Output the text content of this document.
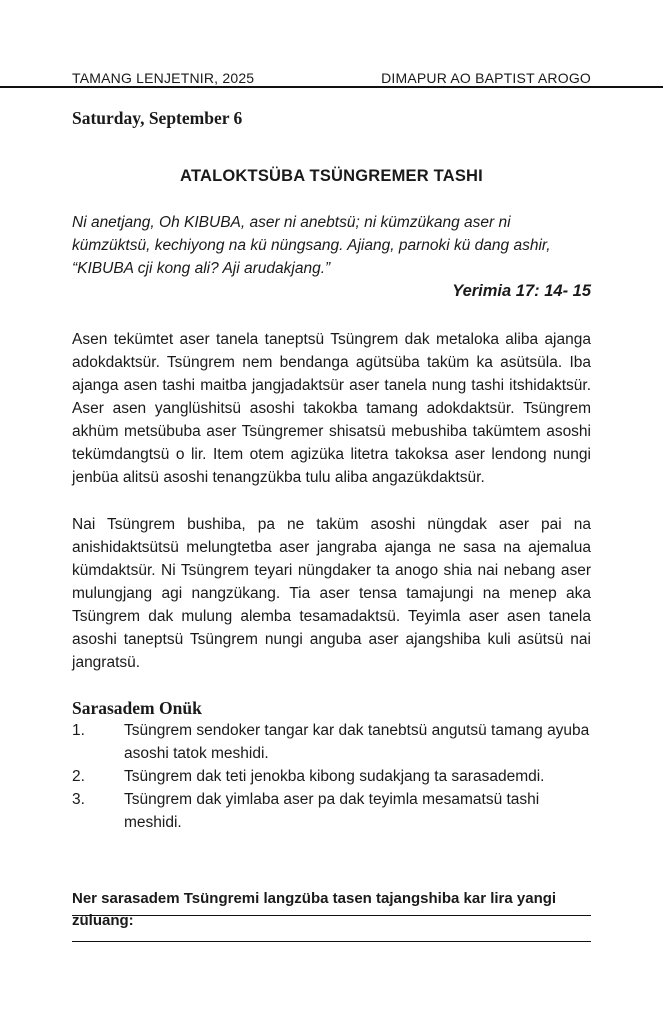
TAMANG LENJETNIR, 2025	DIMAPUR AO BAPTIST AROGO

Saturday, September 6

ATALOKTSÜBA TSÜNGREMER TASHI

Ni anetjang, Oh KIBUBA, aser ni anebtsü; ni kümzükang aser ni kümzüktsü, kechiyong na kü nüngsang. Ajiang, parnoki kü dang ashir, “KIBUBA cji kong ali? Aji arudakjang.”

Yerimia 17: 14- 15

Asen tekümtet aser tanela taneptsü Tsüngrem dak metaloka aliba ajanga adokdaktsür. Tsüngrem nem bendanga agütsüba taküm ka asütsüla. Iba ajanga asen tashi maitba jangjadaktsür aser tanela nung tashi itshidaktsür. Aser asen yanglüshitsü asoshi takokba tamang adokdaktsür. Tsüngrem akhüm metsübuba aser Tsüngremer shisatsü mebushiba takümtem asoshi tekümdangtsü o lir. Item otem agizüka litetra takoksa aser lendong nungi jenbüa alitsü asoshi tenangzükba tulu aliba angazükdaktsür.

Nai Tsüngrem bushiba, pa ne taküm asoshi nüngdak aser pai na anishidaktsütsü melungtetba aser jangraba ajanga ne sasa na ajemalua kümdaktsür. Ni Tsüngrem teyari nüngdaker ta anogo shia nai nebang aser mulungjang agi nangzükang. Tia aser tensa tamajungi na menep aka Tsüngrem dak mulung alemba tesamadaktsü. Teyimla aser asen tanela asoshi taneptsü Tsüngrem nungi anguba aser ajangshiba kuli asütsü nai jangratsü.

Sarasadem Onük
1.	Tsüngrem sendoker tangar kar dak tanebtsü angutsü tamang ayuba asoshi tatok meshidi.
2.	Tsüngrem dak teti jenokba kibong sudakjang ta sarasademdi.
3.	Tsüngrem dak yimlaba aser pa dak teyimla mesamatsü tashi meshidi.

Ner sarasadem Tsüngremi langzüba tasen tajangshiba kar lira yangi züluang:
